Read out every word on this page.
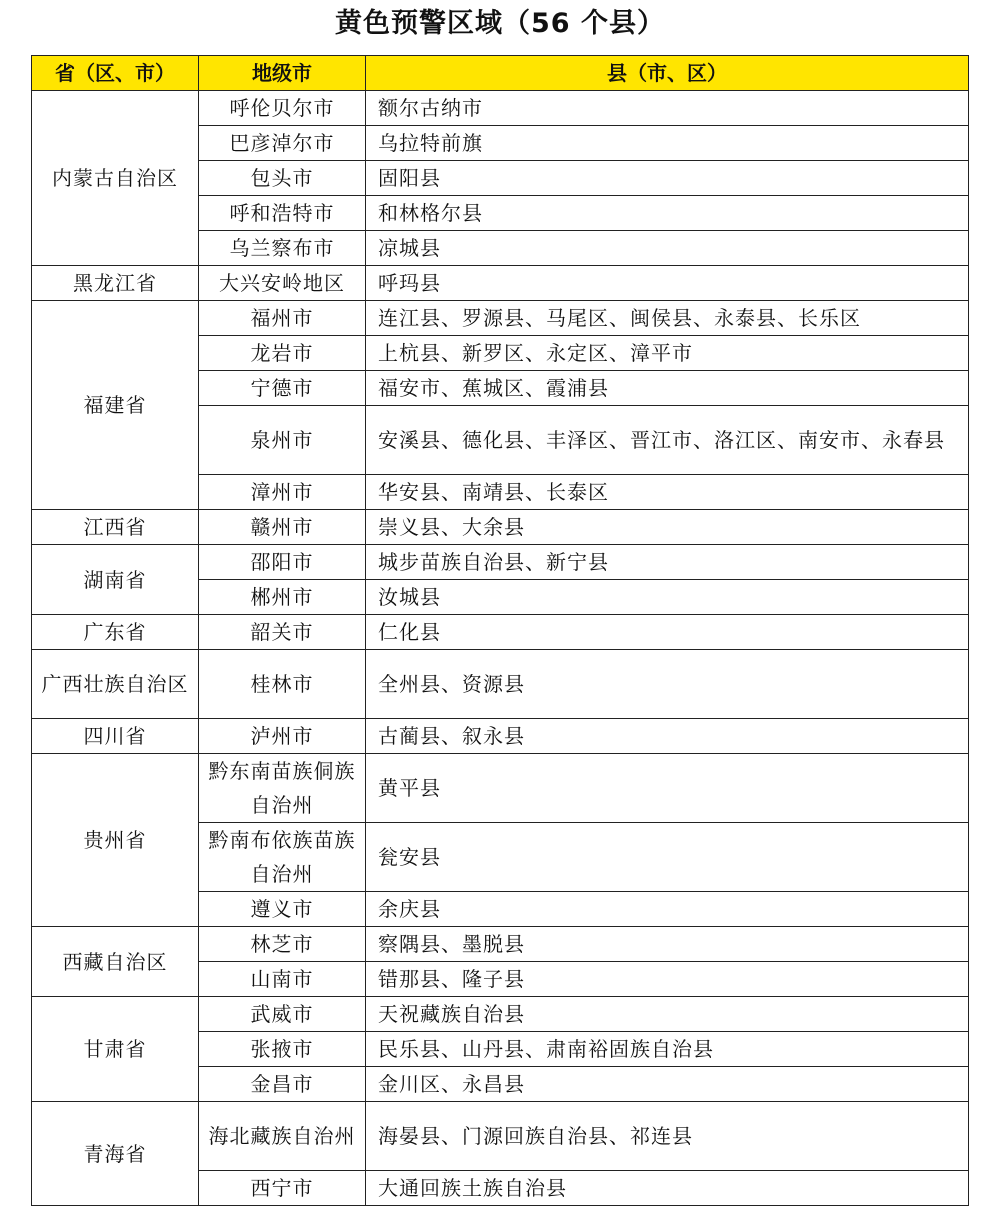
黄色预警区域（56 个县）
省（区、市）	地级市	县（市、区）
内蒙古自治区	呼伦贝尔市	额尔古纳市
	巴彦淖尔市	乌拉特前旗
	包头市	固阳县
	呼和浩特市	和林格尔县
	乌兰察布市	凉城县
黑龙江省	大兴安岭地区	呼玛县
福建省	福州市	连江县、罗源县、马尾区、闽侯县、永泰县、长乐区
	龙岩市	上杭县、新罗区、永定区、漳平市
	宁德市	福安市、蕉城区、霞浦县
	泉州市	安溪县、德化县、丰泽区、晋江市、洛江区、南安市、永春县
	漳州市	华安县、南靖县、长泰区
江西省	赣州市	崇义县、大余县
湖南省	邵阳市	城步苗族自治县、新宁县
	郴州市	汝城县
广东省	韶关市	仁化县
广西壮族自治区	桂林市	全州县、资源县
四川省	泸州市	古蔺县、叙永县
贵州省	黔东南苗族侗族自治州	黄平县
	黔南布依族苗族自治州	瓮安县
	遵义市	余庆县
西藏自治区	林芝市	察隅县、墨脱县
	山南市	错那县、隆子县
甘肃省	武威市	天祝藏族自治县
	张掖市	民乐县、山丹县、肃南裕固族自治县
	金昌市	金川区、永昌县
青海省	海北藏族自治州	海晏县、门源回族自治县、祁连县
	西宁市	大通回族土族自治县
